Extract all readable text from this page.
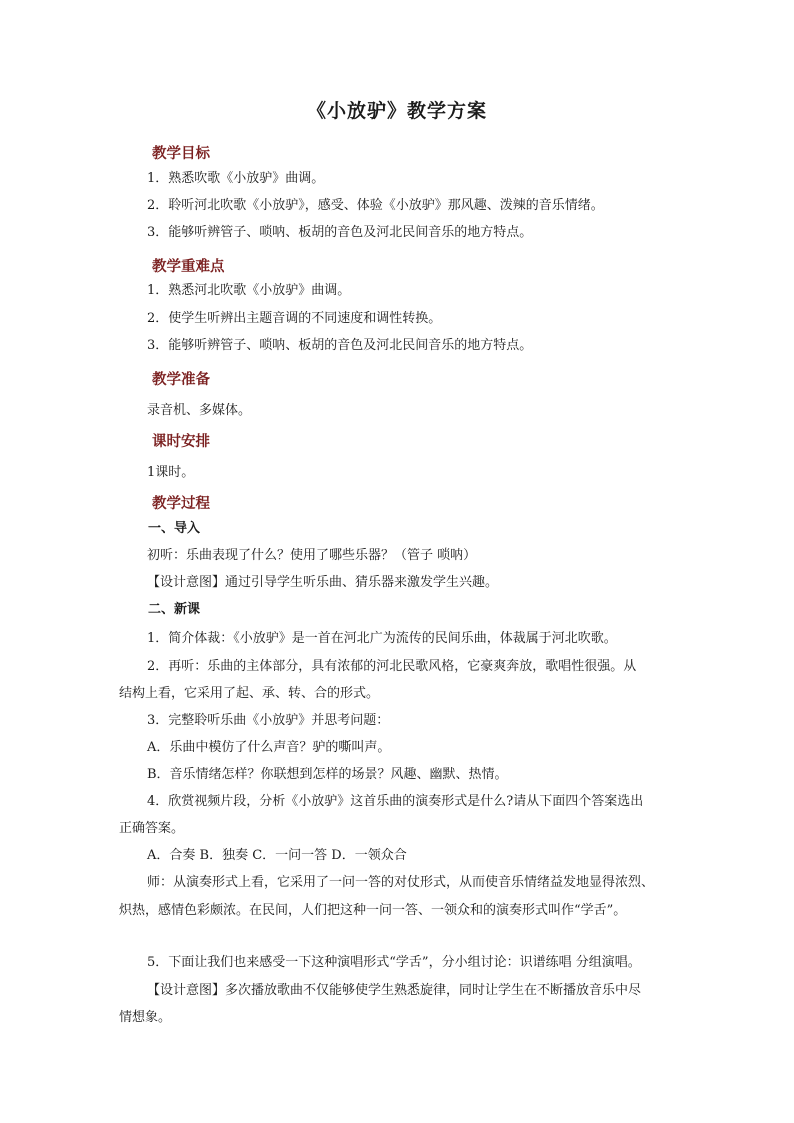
《小放驴》教学方案
教学目标
1．熟悉吹歌《小放驴》曲调。
2．聆听河北吹歌《小放驴》，感受、体验《小放驴》那风趣、泼辣的音乐情绪。
3．能够听辨管子、唢呐、板胡的音色及河北民间音乐的地方特点。
教学重难点
1．熟悉河北吹歌《小放驴》曲调。
2．使学生听辨出主题音调的不同速度和调性转换。
3．能够听辨管子、唢呐、板胡的音色及河北民间音乐的地方特点。
教学准备
录音机、多媒体。
课时安排
1课时。
教学过程
一、导入
初听：乐曲表现了什么？使用了哪些乐器？（管子 唢呐）
【设计意图】通过引导学生听乐曲、猜乐器来激发学生兴趣。
二、新课
1．简介体裁：《小放驴》是一首在河北广为流传的民间乐曲，体裁属于河北吹歌。
2．再听：乐曲的主体部分，具有浓郁的河北民歌风格，它豪爽奔放，歌唱性很强。从
结构上看，它采用了起、承、转、合的形式。
3．完整聆听乐曲《小放驴》并思考问题：
A．乐曲中模仿了什么声音？驴的嘶叫声。
B．音乐情绪怎样？你联想到怎样的场景？风趣、幽默、热情。
4．欣赏视频片段，分析《小放驴》这首乐曲的演奏形式是什么?请从下面四个答案选出
正确答案。
A．合奏 B．独奏 C．一问一答 D．一领众合
师：从演奏形式上看，它采用了一问一答的对仗形式，从而使音乐情绪益发地显得浓烈、
炽热，感情色彩颇浓。在民间，人们把这种一问一答、一领众和的演奏形式叫作“学舌”。
5．下面让我们也来感受一下这种演唱形式“学舌”，分小组讨论：识谱练唱 分组演唱。
【设计意图】多次播放歌曲不仅能够使学生熟悉旋律，同时让学生在不断播放音乐中尽
情想象。
